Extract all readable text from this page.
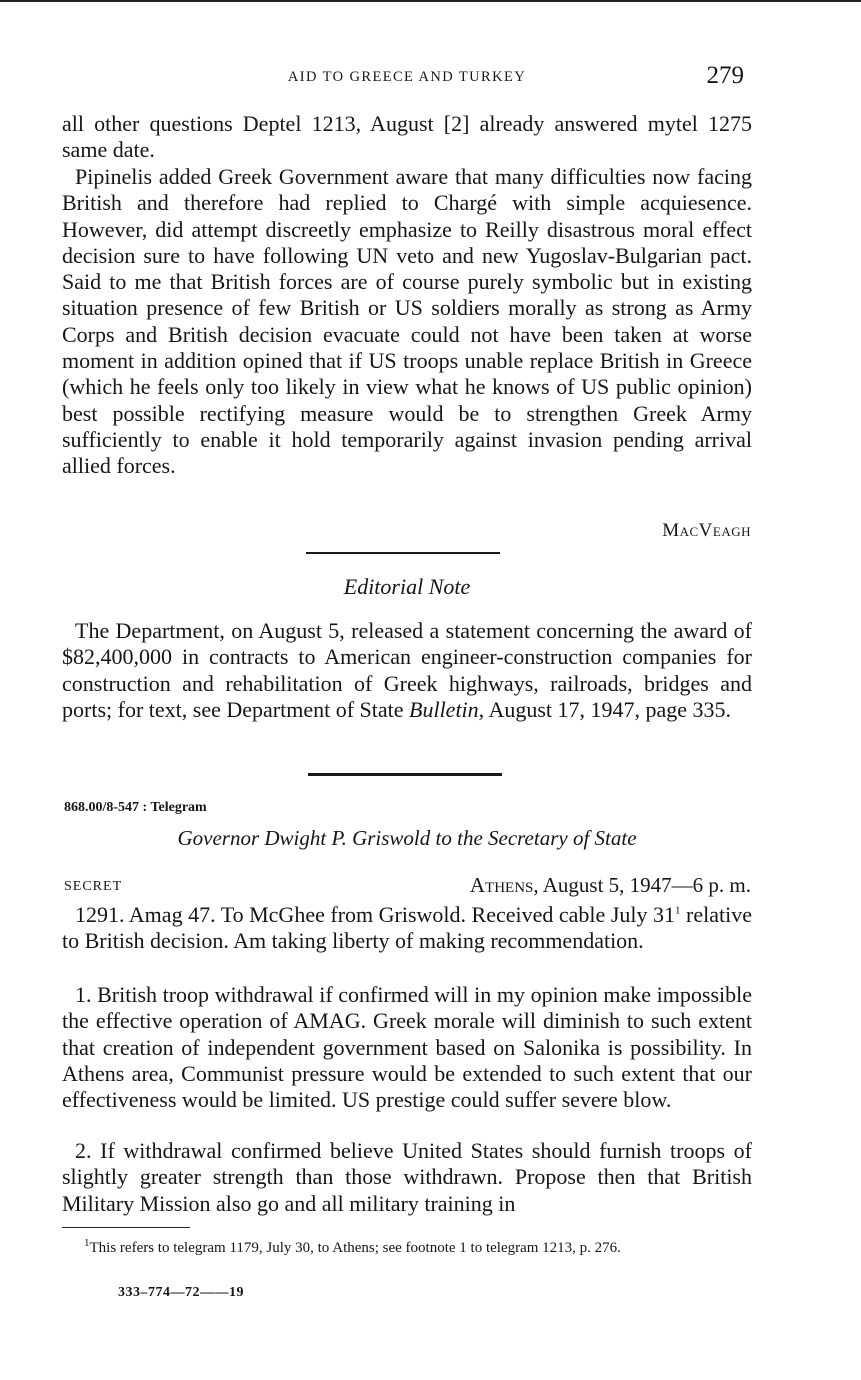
AID TO GREECE AND TURKEY	279

all other questions Deptel 1213, August [2] already answered mytel 1275 same date.

Pipinelis added Greek Government aware that many difficulties now facing British and therefore had replied to Chargé with simple acquiesence. However, did attempt discreetly emphasize to Reilly disastrous moral effect decision sure to have following UN veto and new Yugoslav-Bulgarian pact. Said to me that British forces are of course purely symbolic but in existing situation presence of few British or US soldiers morally as strong as Army Corps and British decision evacuate could not have been taken at worse moment in addition opined that if US troops unable replace British in Greece (which he feels only too likely in view what he knows of US public opinion) best possible rectifying measure would be to strengthen Greek Army sufficiently to enable it hold temporarily against invasion pending arrival allied forces.

MacVeagh
Editorial Note

The Department, on August 5, released a statement concerning the award of $82,400,000 in contracts to American engineer-construction companies for construction and rehabilitation of Greek highways, railroads, bridges and ports; for text, see Department of State Bulletin, August 17, 1947, page 335.

868.00/8-547 : Telegram
Governor Dwight P. Griswold to the Secretary of State
SECRET	Athens, August 5, 1947—6 p. m.

1291. Amag 47. To McGhee from Griswold. Received cable July $31^1$ relative to British decision. Am taking liberty of making recommendation.

1. British troop withdrawal if confirmed will in my opinion make impossible the effective operation of AMAG. Greek morale will diminish to such extent that creation of independent government based on Salonika is possibility. In Athens area, Communist pressure would be extended to such extent that our effectiveness would be limited. US prestige could suffer severe blow.

2. If withdrawal confirmed believe United States should furnish troops of slightly greater strength than those withdrawn. Propose then that British Military Mission also go and all military training in

$^1$This refers to telegram 1179, July 30, to Athens; see footnote 1 to telegram 1213, p. 276.

333–774—72——19
